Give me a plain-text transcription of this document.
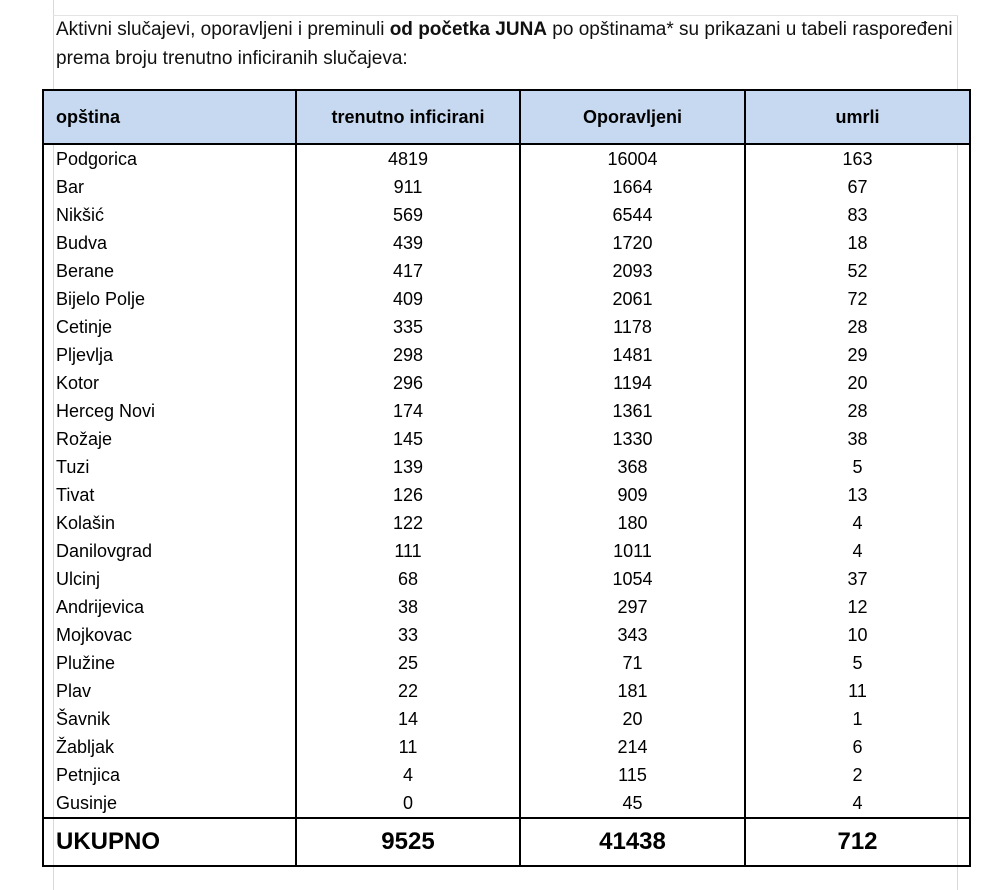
Aktivni slučajevi, oporavljeni i preminuli od početka JUNA po opštinama* su prikazani u tabeli raspoređeni prema broju trenutno inficiranih slučajeva:

opština	trenutno inficirani	Oporavljeni	umrli
Podgorica	4819	16004	163
Bar	911	1664	67
Nikšić	569	6544	83
Budva	439	1720	18
Berane	417	2093	52
Bijelo Polje	409	2061	72
Cetinje	335	1178	28
Pljevlja	298	1481	29
Kotor	296	1194	20
Herceg Novi	174	1361	28
Rožaje	145	1330	38
Tuzi	139	368	5
Tivat	126	909	13
Kolašin	122	180	4
Danilovgrad	111	1011	4
Ulcinj	68	1054	37
Andrijevica	38	297	12
Mojkovac	33	343	10
Plužine	25	71	5
Plav	22	181	11
Šavnik	14	20	1
Žabljak	11	214	6
Petnjica	4	115	2
Gusinje	0	45	4
UKUPNO	9525	41438	712
